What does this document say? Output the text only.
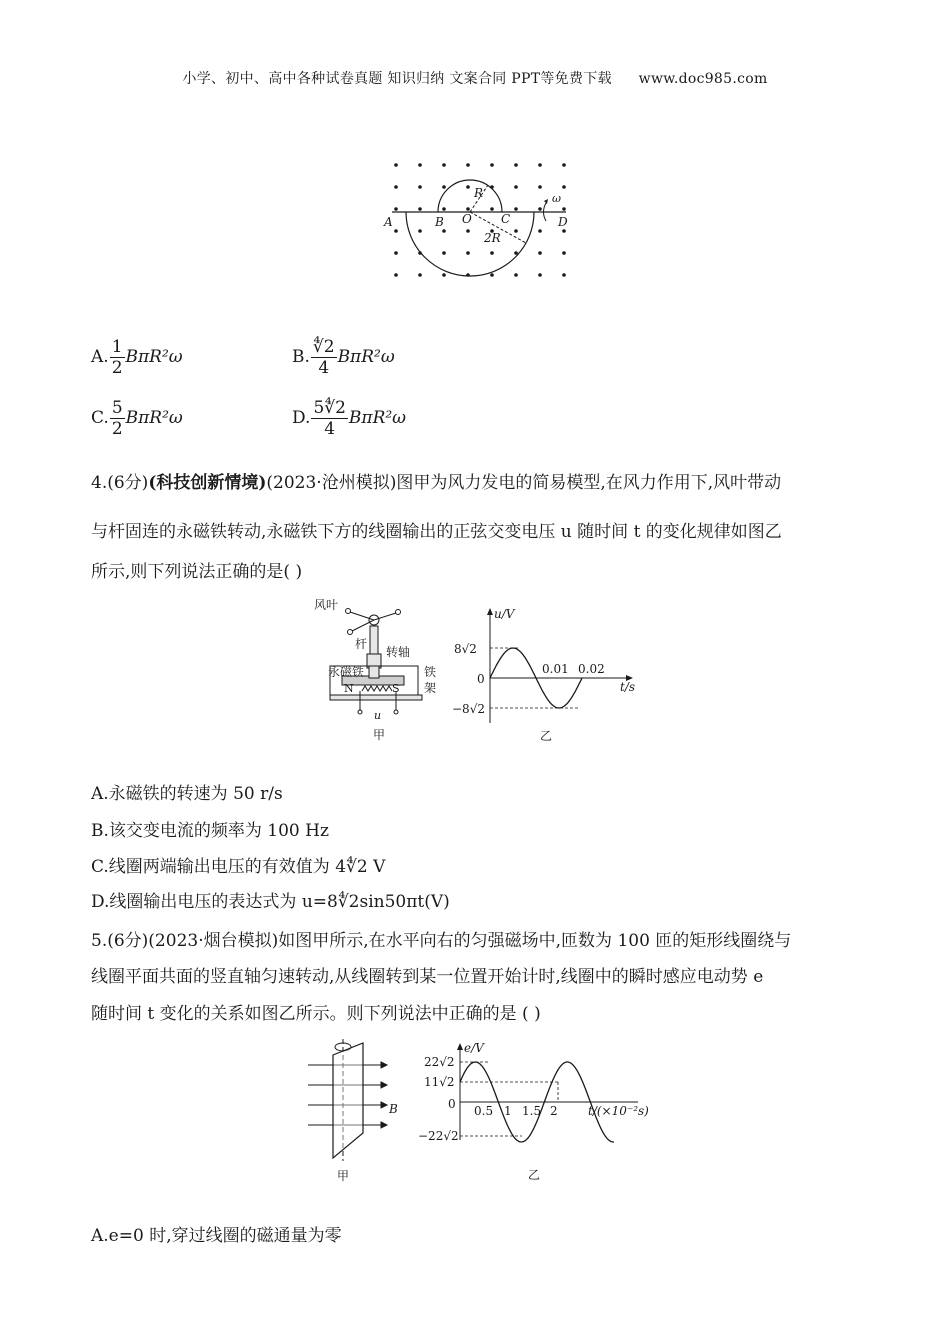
小学、初中、高中各种试卷真题 知识归纳 文案合同 PPT等免费下载 www.doc985.com
A	B O C	D
R
2R
ω
A. $\frac{1}{2} B\pi R^2\omega$	B. $\frac{∜2}{4} B\pi R^2\omega$
C. $\frac{5}{2} B\pi R^2\omega$	D. $\frac{5∜2}{4} B\pi R^2\omega$
4.(6分)(科技创新情境)(2023·沧州模拟)图甲为风力发电的简易模型,在风力作用下,风叶带动
与杆固连的永磁铁转动,永磁铁下方的线圈输出的正弦交变电压 u 随时间 t 的变化规律如图乙
所示,则下列说法正确的是( )
风叶
杆
转轴
永磁铁	铁
架
N	S
u
甲
u/V
8√2
0
−8√2
0.01 0.02
t/s
乙
A.永磁铁的转速为 50 r/s
B.该交变电流的频率为 100 Hz
C.线圈两端输出电压的有效值为 4∜2 V
D.线圈输出电压的表达式为 u=8∜2sin50πt(V)
5.(6分)(2023·烟台模拟)如图甲所示,在水平向右的匀强磁场中,匝数为 100 匝的矩形线圈绕与
线圈平面共面的竖直轴匀速转动,从线圈转到某一位置开始计时,线圈中的瞬时感应电动势 e
随时间 t 变化的关系如图乙所示。则下列说法中正确的是 ( )
B
甲
e/V
22√2
11√2
0
−22√2
0.5 1 1.5 2	t/(×10⁻²s)
乙
A.e=0 时,穿过线圈的磁通量为零
